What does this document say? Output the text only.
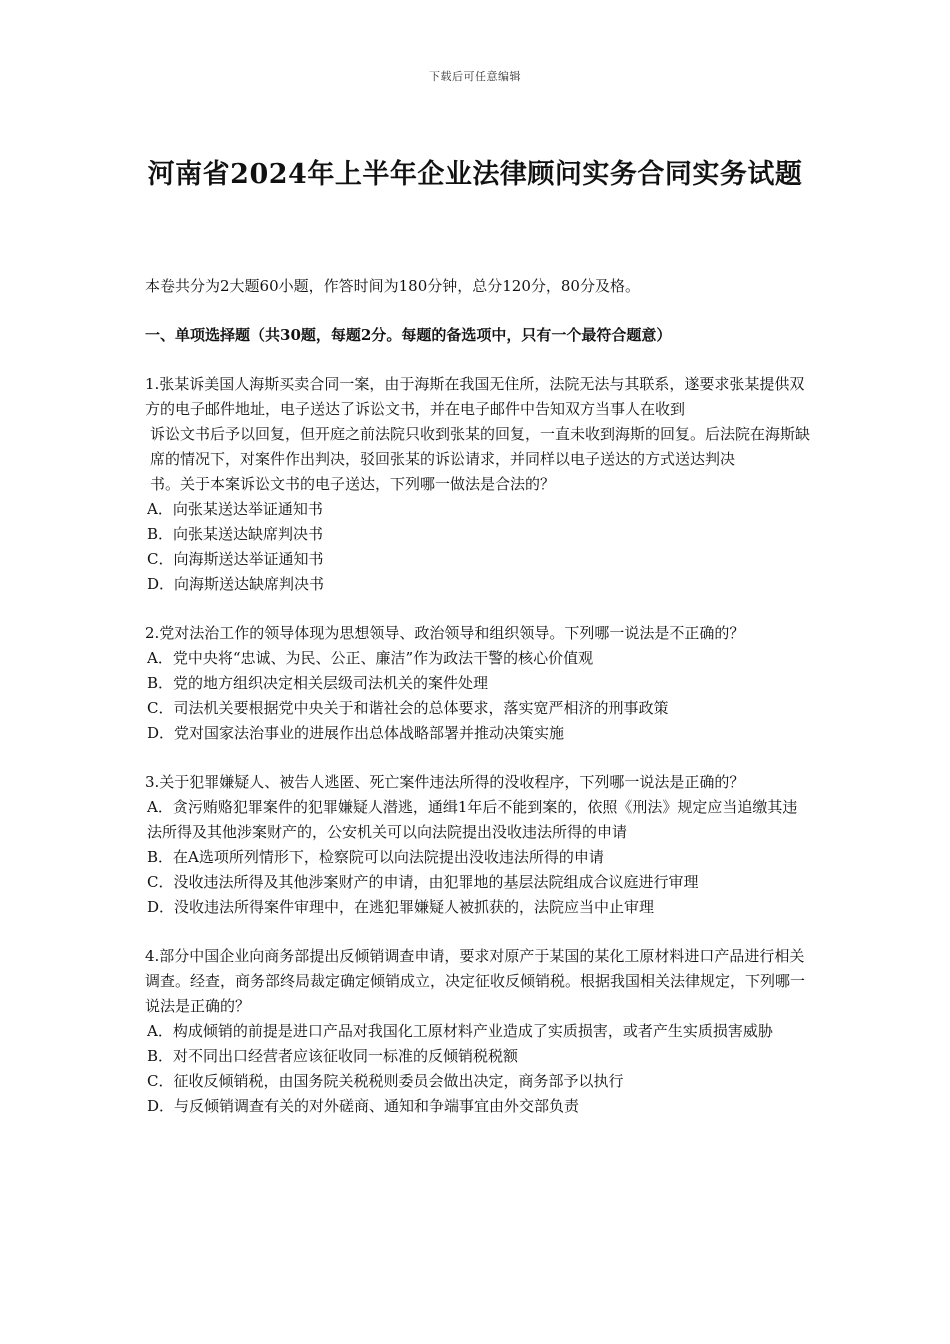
下载后可任意编辑
河南省2024年上半年企业法律顾问实务合同实务试题

本卷共分为2大题60小题，作答时间为180分钟，总分120分，80分及格。

一、单项选择题（共30题，每题2分。每题的备选项中，只有一个最符合题意）

1.张某诉美国人海斯买卖合同一案，由于海斯在我国无住所，法院无法与其联系，遂要求张某提供双方的电子邮件地址，电子送达了诉讼文书，并在电子邮件中告知双方当事人在收到

诉讼文书后予以回复，但开庭之前法院只收到张某的回复，一直未收到海斯的回复。后法院在海斯缺席的情况下，对案件作出判决，驳回张某的诉讼请求，并同样以电子送达的方式送达判决

书。关于本案诉讼文书的电子送达，下列哪一做法是合法的？

A．向张某送达举证通知书

B．向张某送达缺席判决书

C．向海斯送达举证通知书

D．向海斯送达缺席判决书

2.党对法治工作的领导体现为思想领导、政治领导和组织领导。下列哪一说法是不正确的？

A．党中央将“忠诚、为民、公正、廉洁”作为政法干警的核心价值观

B．党的地方组织决定相关层级司法机关的案件处理

C．司法机关要根据党中央关于和谐社会的总体要求，落实宽严相济的刑事政策

D．党对国家法治事业的进展作出总体战略部署并推动决策实施

3.关于犯罪嫌疑人、被告人逃匿、死亡案件违法所得的没收程序，下列哪一说法是正确的？

A．贪污贿赂犯罪案件的犯罪嫌疑人潜逃，通缉1年后不能到案的，依照《刑法》规定应当追缴其违法所得及其他涉案财产的，公安机关可以向法院提出没收违法所得的申请

B．在A选项所列情形下，检察院可以向法院提出没收违法所得的申请

C．没收违法所得及其他涉案财产的申请，由犯罪地的基层法院组成合议庭进行审理

D．没收违法所得案件审理中，在逃犯罪嫌疑人被抓获的，法院应当中止审理

4.部分中国企业向商务部提出反倾销调查申请，要求对原产于某国的某化工原材料进口产品进行相关调查。经查，商务部终局裁定确定倾销成立，决定征收反倾销税。根据我国相关法律规定，下列哪一说法是正确的？

A．构成倾销的前提是进口产品对我国化工原材料产业造成了实质损害，或者产生实质损害威胁

B．对不同出口经营者应该征收同一标准的反倾销税税额

C．征收反倾销税，由国务院关税税则委员会做出决定，商务部予以执行

D．与反倾销调查有关的对外磋商、通知和争端事宜由外交部负责
